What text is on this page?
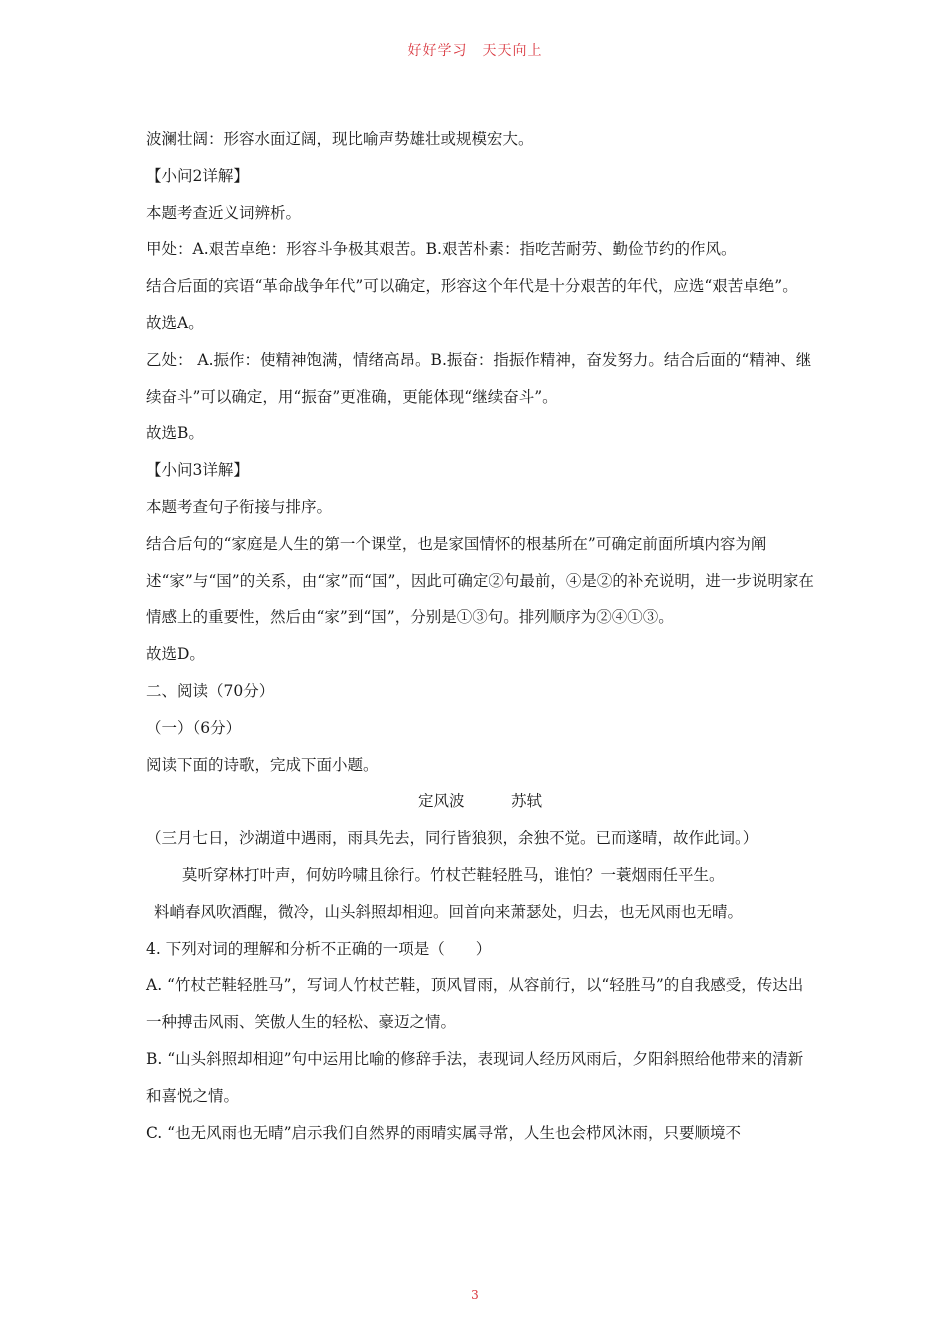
好好学习　天天向上

波澜壮阔：形容水面辽阔，现比喻声势雄壮或规模宏大。

【小问2详解】

本题考查近义词辨析。

甲处：A.艰苦卓绝：形容斗争极其艰苦。B.艰苦朴素：指吃苦耐劳、勤俭节约的作风。

结合后面的宾语“革命战争年代”可以确定，形容这个年代是十分艰苦的年代，应选“艰苦卓绝”。

故选A。

乙处： A.振作：使精神饱满，情绪高昂。B.振奋：指振作精神，奋发努力。结合后面的“精神、继续奋斗”可以确定，用“振奋”更准确，更能体现“继续奋斗”。

故选B。

【小问3详解】

本题考查句子衔接与排序。

结合后句的“家庭是人生的第一个课堂，也是家国情怀的根基所在”可确定前面所填内容为阐述“家”与“国”的关系，由“家”而“国”，因此可确定②句最前，④是②的补充说明，进一步说明家在情感上的重要性，然后由“家”到“国”，分别是①③句。排列顺序为②④①③。

故选D。

二、阅读（70分）

（一）（6分）

阅读下面的诗歌，完成下面小题。

定风波　　　苏轼

（三月七日，沙湖道中遇雨，雨具先去，同行皆狼狈，余独不觉。已而遂晴，故作此词。）

莫听穿林打叶声，何妨吟啸且徐行。竹杖芒鞋轻胜马，谁怕？一蓑烟雨任平生。

料峭春风吹酒醒，微冷，山头斜照却相迎。回首向来萧瑟处，归去，也无风雨也无晴。

4. 下列对词的理解和分析不正确的一项是（　　）

A. “竹杖芒鞋轻胜马”，写词人竹杖芒鞋，顶风冒雨，从容前行，以“轻胜马”的自我感受，传达出一种搏击风雨、笑傲人生的轻松、豪迈之情。

B. “山头斜照却相迎”句中运用比喻的修辞手法，表现词人经历风雨后，夕阳斜照给他带来的清新和喜悦之情。

C. “也无风雨也无晴”启示我们自然界的雨晴实属寻常，人生也会栉风沐雨，只要顺境不

3
